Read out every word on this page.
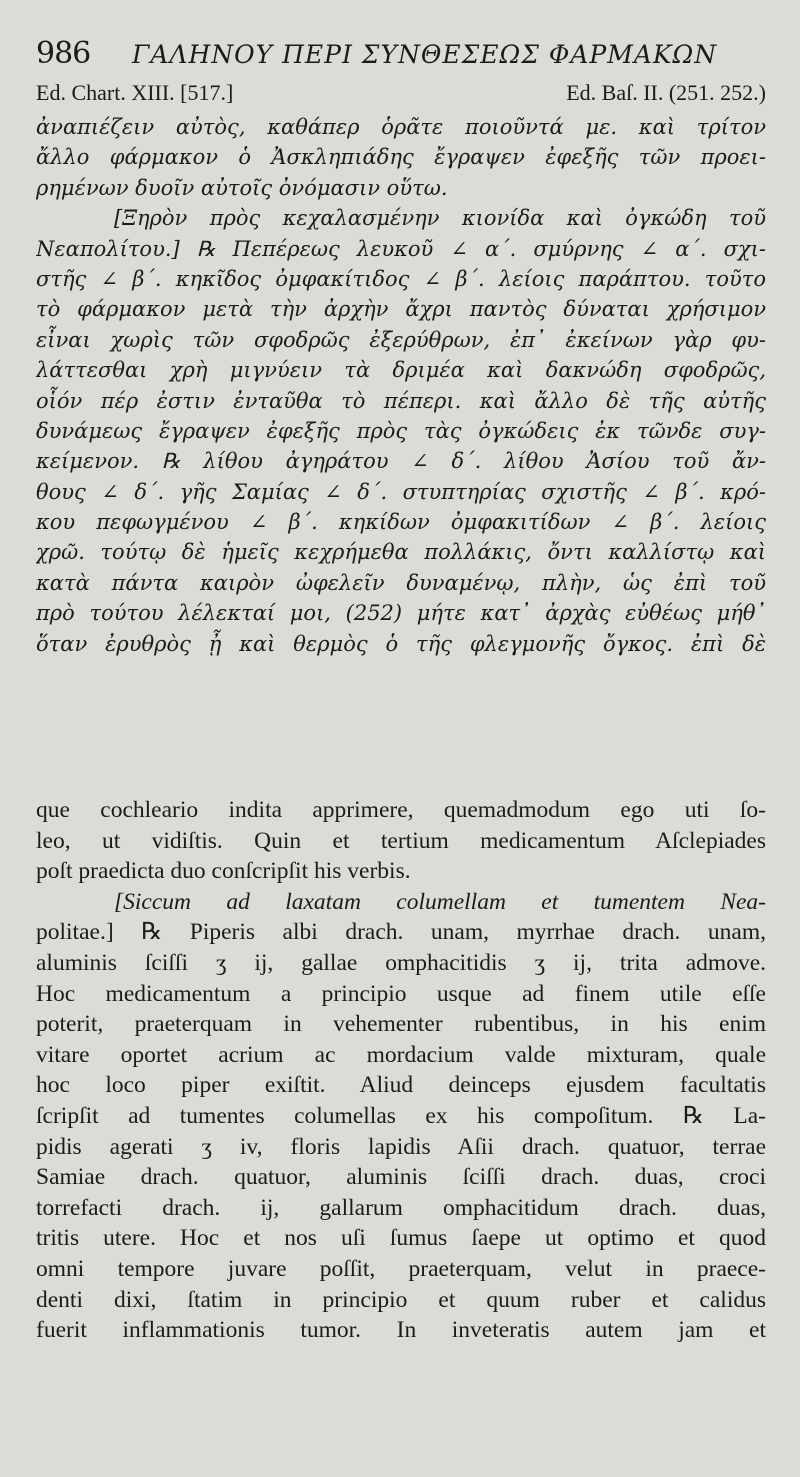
986 ΓΑΛΗΝΟΥ ΠΕΡΙ ΣΥΝΘΕΣΕΩΣ ΦΑΡΜΑΚΩΝ
Ed. Chart. XIII. [517.]	Ed. Baſ. II. (251. 252.)
ἀναπιέζειν αὐτὸς, καθάπερ ὁρᾶτε ποιοῦντά με. καὶ τρίτον
ἄλλο φάρμακον ὁ Ἀσκληπιάδης ἔγραψεν ἐφεξῆς τῶν προει-
ρημένων δυοῖν αὐτοῖς ὀνόμασιν οὕτω.
[Ξηρὸν πρὸς κεχαλασμένην κιονίδα καὶ ὀγκώδη τοῦ
Νεαπολίτου.] ℞ Πεπέρεως λευκοῦ ∠ α΄. σμύρνης ∠ α΄. σχι-
στῆς ∠ β΄. κηκῖδος ὀμφακίτιδος ∠ β΄. λείοις παράπτου. τοῦτο
τὸ φάρμακον μετὰ τὴν ἀρχὴν ἄχρι παντὸς δύναται χρήσιμον
εἶναι χωρὶς τῶν σφοδρῶς ἐξερύθρων, ἐπ᾽ ἐκείνων γὰρ φυ-
λάττεσθαι χρὴ μιγνύειν τὰ δριμέα καὶ δακνώδη σφοδρῶς,
οἷόν πέρ ἐστιν ἐνταῦθα τὸ πέπερι. καὶ ἄλλο δὲ τῆς αὐτῆς
δυνάμεως ἔγραψεν ἐφεξῆς πρὸς τὰς ὀγκώδεις ἐκ τῶνδε συγ-
κείμενον. ℞ λίθου ἀγηράτου ∠ δ΄. λίθου Ἀσίου τοῦ ἄν-
θους ∠ δ΄. γῆς Σαμίας ∠ δ΄. στυπτηρίας σχιστῆς ∠ β΄. κρό-
κου πεφωγμένου ∠ β΄. κηκίδων ὀμφακιτίδων ∠ β΄. λείοις
χρῶ. τούτῳ δὲ ἡμεῖς κεχρήμεθα πολλάκις, ὄντι καλλίστῳ καὶ
κατὰ πάντα καιρὸν ὠφελεῖν δυναμένῳ, πλὴν, ὡς ἐπὶ τοῦ
πρὸ τούτου λέλεκταί μοι, (252) μήτε κατ᾽ ἀρχὰς εὐθέως μήθ᾽
ὅταν ἐρυθρὸς ᾖ καὶ θερμὸς ὁ τῆς φλεγμονῆς ὄγκος. ἐπὶ δὲ
que cochleario indita apprimere, quemadmodum ego uti ſo-
leo, ut vidiſtis. Quin et tertium medicamentum Aſclepiades
poſt praedicta duo conſcripſit his verbis.
[Siccum ad laxatam columellam et tumentem Nea-
politae.] ℞ Piperis albi drach. unam, myrrhae drach. unam,
aluminis ſciſſi ʒ ij, gallae omphacitidis ʒ ij, trita admove.
Hoc medicamentum a principio usque ad finem utile eſſe
poterit, praeterquam in vehementer rubentibus, in his enim
vitare oportet acrium ac mordacium valde mixturam, quale
hoc loco piper exiſtit. Aliud deinceps ejusdem facultatis
ſcripſit ad tumentes columellas ex his compoſitum. ℞ La-
pidis agerati ʒ iv, floris lapidis Aſii drach. quatuor, terrae
Samiae drach. quatuor, aluminis ſciſſi drach. duas, croci
torrefacti drach. ij, gallarum omphacitidum drach. duas,
tritis utere. Hoc et nos uſi ſumus ſaepe ut optimo et quod
omni tempore juvare poſſit, praeterquam, velut in praece-
denti dixi, ſtatim in principio et quum ruber et calidus
fuerit inflammationis tumor. In inveteratis autem jam et
